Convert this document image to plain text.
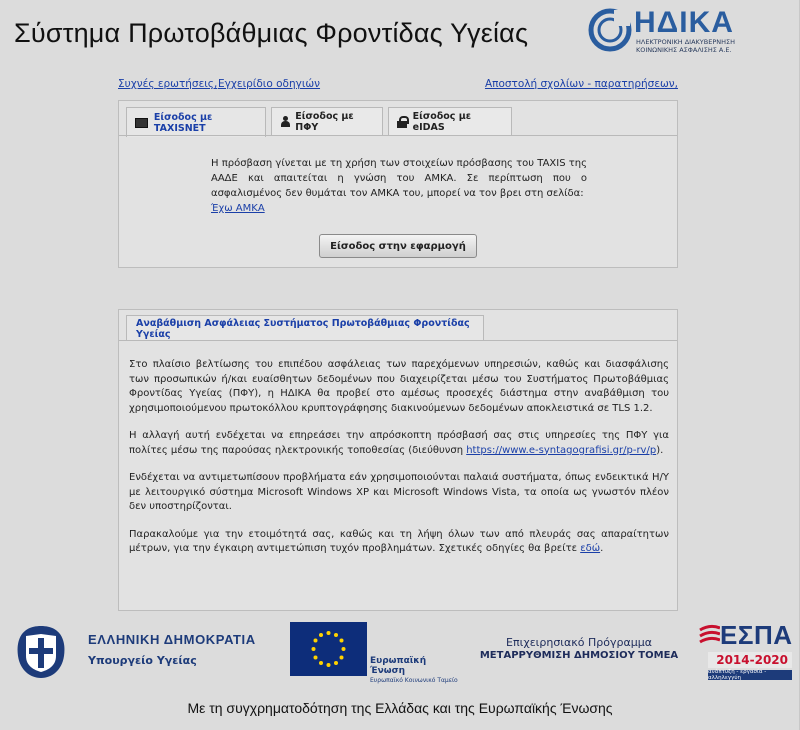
Σύστημα Πρωτοβάθμιας Φροντίδας Υγείας	ΗΔΙΚΑ
ΗΛΕΚΤΡΟΝΙΚΗ ΔΙΑΚΥΒΕΡΝΗΣΗ ΚΟΙΝΩΝΙΚΗΣ ΑΣΦΑΛΙΣΗΣ Α.Ε.
Συχνές ερωτήσεις, Εγχειρίδιο οδηγιών	Αποστολή σχολίων - παρατηρήσεων,
Είσοδος με TAXISNET
Είσοδος με ΠΦΥ
Είσοδος με eIDAS
Η πρόσβαση γίνεται με τη χρήση των στοιχείων πρόσβασης του TAXIS της ΑΑΔΕ και απαιτείται η γνώση του ΑΜΚΑ. Σε περίπτωση που ο ασφαλισμένος δεν θυμάται τον ΑΜΚΑ του, μπορεί να τον βρει στη σελίδα:
Έχω ΑΜΚΑ
Είσοδος στην εφαρμογή
Αναβάθμιση Ασφάλειας Συστήματος Πρωτοβάθμιας Φροντίδας Υγείας

Στο πλαίσιο βελτίωσης του επιπέδου ασφάλειας των παρεχόμενων υπηρεσιών, καθώς και διασφάλισης των προσωπικών ή/και ευαίσθητων δεδομένων που διαχειρίζεται μέσω του Συστήματος Πρωτοβάθμιας Φροντίδας Υγείας (ΠΦΥ), η ΗΔΙΚΑ θα προβεί στο αμέσως προσεχές διάστημα στην αναβάθμιση του χρησιμοποιούμενου πρωτοκόλλου κρυπτογράφησης διακινούμενων δεδομένων αποκλειστικά σε TLS 1.2.

Η αλλαγή αυτή ενδέχεται να επηρεάσει την απρόσκοπτη πρόσβασή σας στις υπηρεσίες της ΠΦΥ για πολίτες μέσω της παρούσας ηλεκτρονικής τοποθεσίας (διεύθυνση https://www.e-syntagografisi.gr/p-rv/p).

Ενδέχεται να αντιμετωπίσουν προβλήματα εάν χρησιμοποιούνται παλαιά συστήματα, όπως ενδεικτικά Η/Υ με λειτουργικό σύστημα Microsoft Windows XP και Microsoft Windows Vista, τα οποία ως γνωστόν πλέον δεν υποστηρίζονται.

Παρακαλούμε για την ετοιμότητά σας, καθώς και τη λήψη όλων των από πλευράς σας απαραίτητων μέτρων, για την έγκαιρη αντιμετώπιση τυχόν προβλημάτων. Σχετικές οδηγίες θα βρείτε εδώ.

ΕΛΛΗΝΙΚΗ ΔΗΜΟΚΡΑΤΙΑ
Υπουργείο Υγείας	Ευρωπαϊκή Ένωση
Ευρωπαϊκό Κοινωνικό Ταμείο
Επιχειρησιακό Πρόγραμμα
ΜΕΤΑΡΡΥΘΜΙΣΗ ΔΗΜΟΣΙΟΥ ΤΟΜΕΑ
ΕΣΠΑ
2014-2020
ανάπτυξη - εργασία - αλληλεγγύη
Με τη συγχρηματοδότηση της Ελλάδας και της Ευρωπαϊκής Ένωσης
